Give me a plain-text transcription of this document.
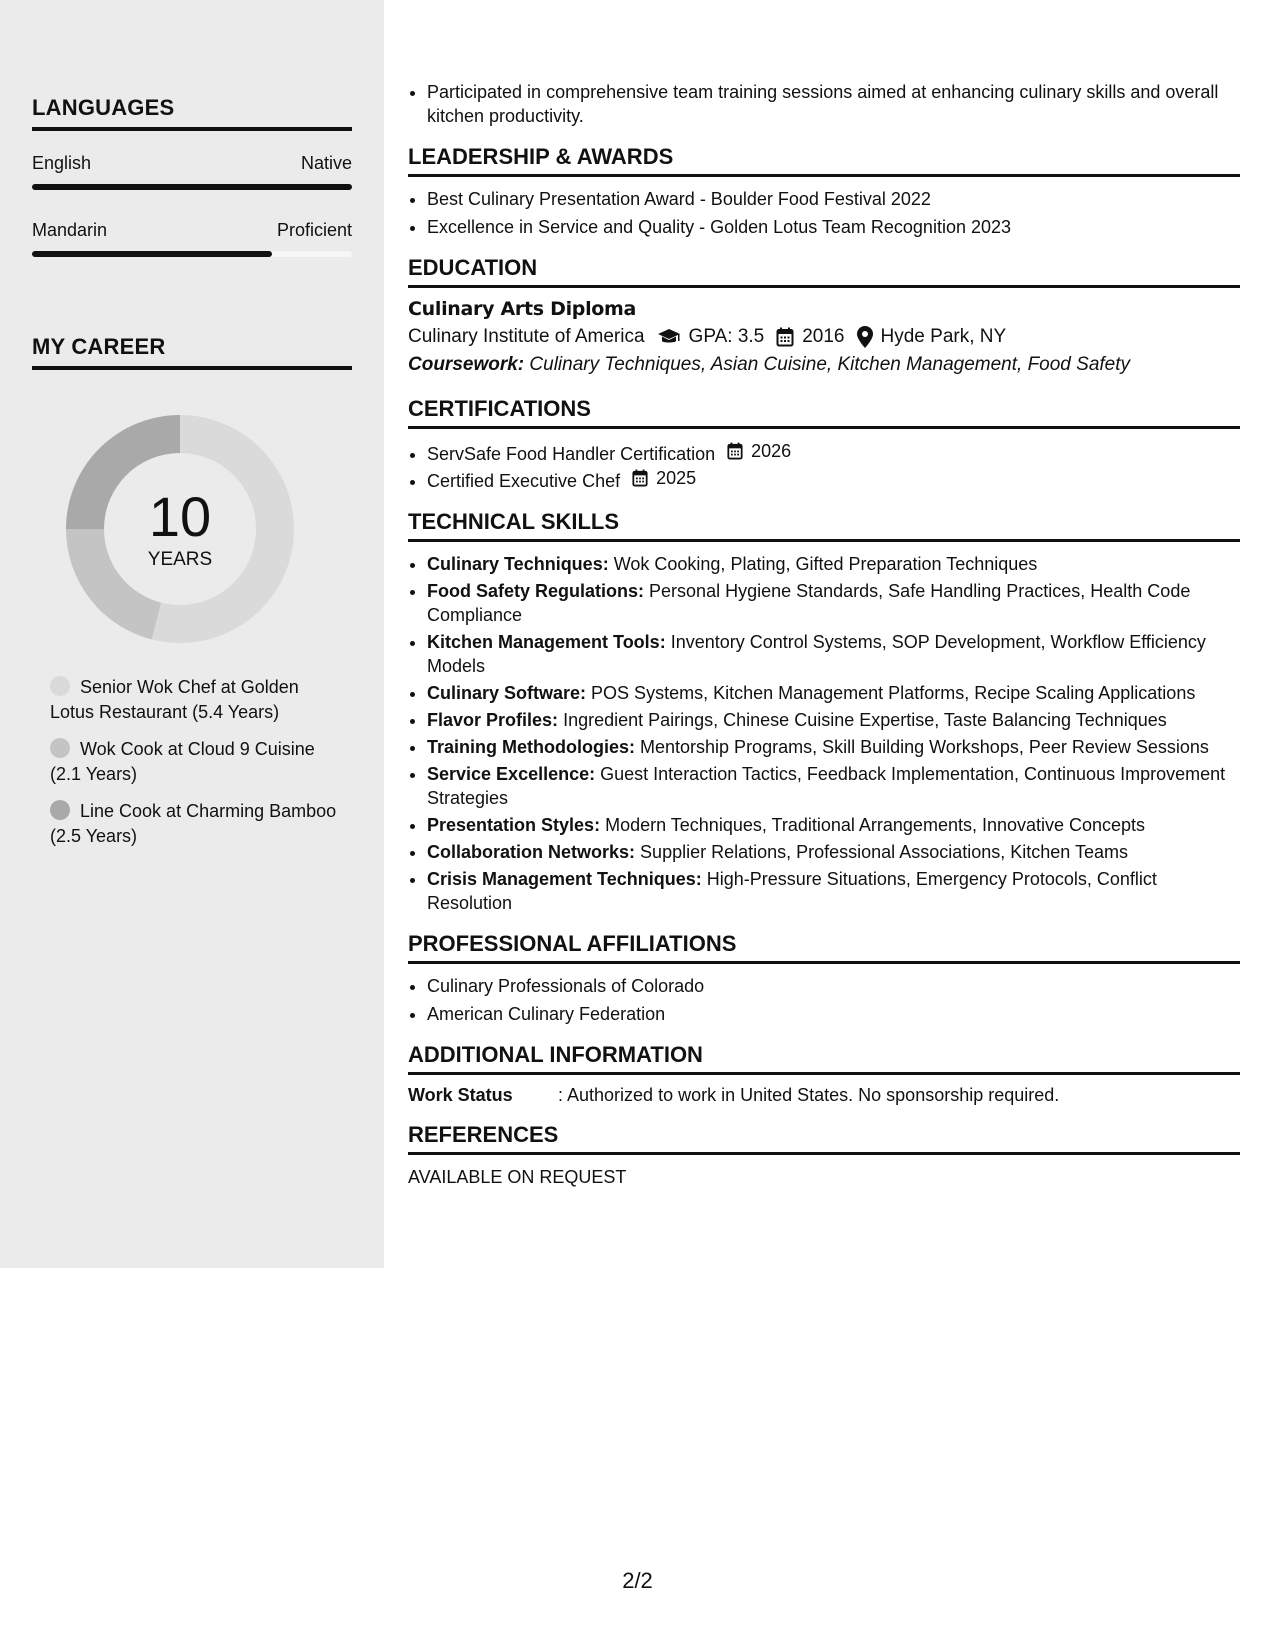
LANGUAGES
English	Native
Mandarin	Proficient
MY CAREER
10
YEARS
Senior Wok Chef at Golden Lotus Restaurant (5.4 Years)
Wok Cook at Cloud 9 Cuisine (2.1 Years)
Line Cook at Charming Bamboo (2.5 Years)
• Participated in comprehensive team training sessions aimed at enhancing culinary skills and overall kitchen productivity.
LEADERSHIP & AWARDS
• Best Culinary Presentation Award - Boulder Food Festival 2022
• Excellence in Service and Quality - Golden Lotus Team Recognition 2023
EDUCATION
Culinary Arts Diploma
Culinary Institute of America GPA: 3.5 2016 Hyde Park, NY
Coursework: Culinary Techniques, Asian Cuisine, Kitchen Management, Food Safety
CERTIFICATIONS
• ServSafe Food Handler Certification 2026
• Certified Executive Chef 2025
TECHNICAL SKILLS
• Culinary Techniques: Wok Cooking, Plating, Gifted Preparation Techniques
• Food Safety Regulations: Personal Hygiene Standards, Safe Handling Practices, Health Code Compliance
• Kitchen Management Tools: Inventory Control Systems, SOP Development, Workflow Efficiency Models
• Culinary Software: POS Systems, Kitchen Management Platforms, Recipe Scaling Applications
• Flavor Profiles: Ingredient Pairings, Chinese Cuisine Expertise, Taste Balancing Techniques
• Training Methodologies: Mentorship Programs, Skill Building Workshops, Peer Review Sessions
• Service Excellence: Guest Interaction Tactics, Feedback Implementation, Continuous Improvement Strategies
• Presentation Styles: Modern Techniques, Traditional Arrangements, Innovative Concepts
• Collaboration Networks: Supplier Relations, Professional Associations, Kitchen Teams
• Crisis Management Techniques: High-Pressure Situations, Emergency Protocols, Conflict Resolution
PROFESSIONAL AFFILIATIONS
• Culinary Professionals of Colorado
• American Culinary Federation
ADDITIONAL INFORMATION
Work Status	: Authorized to work in United States. No sponsorship required.
REFERENCES
AVAILABLE ON REQUEST
2/2
